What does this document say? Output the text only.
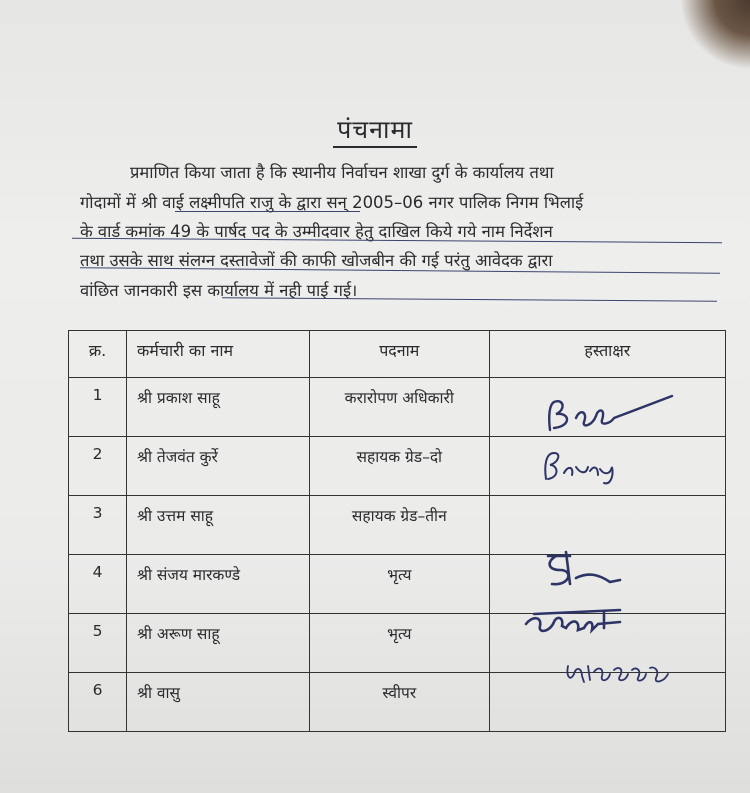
पंचनामा
प्रमाणित किया जाता है कि स्थानीय निर्वाचन शाखा दुर्ग के कार्यालय तथा
गोदामों में श्री वाई लक्ष्मीपति राजु के द्वारा सन् 2005–06 नगर पालिक निगम भिलाई
के वार्ड कमांक 49 के पार्षद पद के उम्मीदवार हेतु दाखिल किये गये नाम निर्देशन
तथा उसके साथ संलग्न दस्तावेजों की काफी खोजबीन की गई परंतु आवेदक द्वारा
वांछित जानकारी इस कार्यालय में नही पाई गई।
क्र.	कर्मचारी का नाम	पदनाम	हस्ताक्षर
1	श्री प्रकाश साहू	करारोपण अधिकारी	
2	श्री तेजवंत कुर्रे	सहायक ग्रेड–दो	
3	श्री उत्तम साहू	सहायक ग्रेड–तीन	
4	श्री संजय मारकण्डे	भृत्य	
5	श्री अरूण साहू	भृत्य	
6	श्री वासु	स्वीपर	
